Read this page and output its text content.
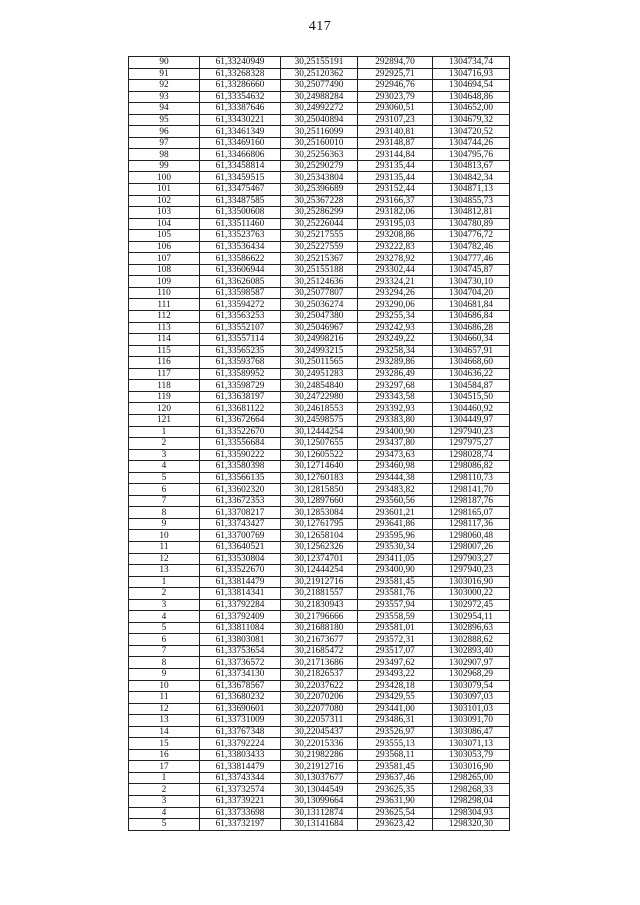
417
90	61,33240949	30,25155191	292894,70	1304734,74
91	61,33268328	30,25120362	292925,71	1304716,93
92	61,33286660	30,25077490	292946,76	1304694,54
93	61,33354632	30,24988284	293023,79	1304648,86
94	61,33387646	30,24992272	293060,51	1304652,00
95	61,33430221	30,25040894	293107,23	1304679,32
96	61,33461349	30,25116099	293140,81	1304720,52
97	61,33469160	30,25160010	293148,87	1304744,26
98	61,33466806	30,25256363	293144,84	1304795,76
99	61,33458814	30,25290279	293135,44	1304813,67
100	61,33459515	30,25343804	293135,44	1304842,34
101	61,33475467	30,25396689	293152,44	1304871,13
102	61,33487585	30,25367228	293166,37	1304855,73
103	61,33500608	30,25286299	293182,06	1304812,81
104	61,33511460	30,25226044	293195,03	1304780,89
105	61,33523763	30,25217555	293208,86	1304776,72
106	61,33536434	30,25227559	293222,83	1304782,46
107	61,33586622	30,25215367	293278,92	1304777,46
108	61,33606944	30,25155188	293302,44	1304745,87
109	61,33626085	30,25124636	293324,21	1304730,10
110	61,33598587	30,25077807	293294,26	1304704,20
111	61,33594272	30,25036274	293290,06	1304681,84
112	61,33563253	30,25047380	293255,34	1304686,84
113	61,33552107	30,25046967	293242,93	1304686,28
114	61,33557114	30,24998216	293249,22	1304660,34
115	61,33565235	30,24993215	293258,34	1304657,91
116	61,33593768	30,25011565	293289,86	1304668,60
117	61,33589952	30,24951283	293286,49	1304636,22
118	61,33598729	30,24854840	293297,68	1304584,87
119	61,33638197	30,24722980	293343,58	1304515,50
120	61,33681122	30,24618553	293392,93	1304460,92
121	61,33672664	30,24598575	293383,80	1304449,97
1	61,33522670	30,12444254	293400,90	1297940,23
2	61,33556684	30,12507655	293437,80	1297975,27
3	61,33590222	30,12605522	293473,63	1298028,74
4	61,33580398	30,12714640	293460,98	1298086,82
5	61,33566135	30,12760183	293444,38	1298110,73
6	61,33602320	30,12815850	293483,82	1298141,70
7	61,33672353	30,12897660	293560,56	1298187,76
8	61,33708217	30,12853084	293601,21	1298165,07
9	61,33743427	30,12761795	293641,86	1298117,36
10	61,33700769	30,12658104	293595,96	1298060,48
11	61,33640521	30,12562326	293530,34	1298007,26
12	61,33530804	30,12374701	293411,05	1297903,27
13	61,33522670	30,12444254	293400,90	1297940,23
1	61,33814479	30,21912716	293581,45	1303016,90
2	61,33814341	30,21881557	293581,76	1303000,22
3	61,33792284	30,21830943	293557,94	1302972,45
4	61,33792409	30,21796666	293558,59	1302954,11
5	61,33811084	30,21688180	293581,01	1302896,63
6	61,33803081	30,21673677	293572,31	1302888,62
7	61,33753654	30,21685472	293517,07	1302893,40
8	61,33736572	30,21713686	293497,62	1302907,97
9	61,33734130	30,21826537	293493,22	1302968,29
10	61,33678567	30,22037622	293428,18	1303079,54
11	61,33680232	30,22070206	293429,55	1303097,03
12	61,33690601	30,22077080	293441,00	1303101,03
13	61,33731009	30,22057311	293486,31	1303091,70
14	61,33767348	30,22045437	293526,97	1303086,47
15	61,33792224	30,22015336	293555,13	1303071,13
16	61,33803433	30,21982286	293568,11	1303053,79
17	61,33814479	30,21912716	293581,45	1303016,90
1	61,33743344	30,13037677	293637,46	1298265,00
2	61,33732574	30,13044549	293625,35	1298268,33
3	61,33739221	30,13099664	293631,90	1298298,04
4	61,33733698	30,13112874	293625,54	1298304,93
5	61,33732197	30,13141684	293623,42	1298320,30
